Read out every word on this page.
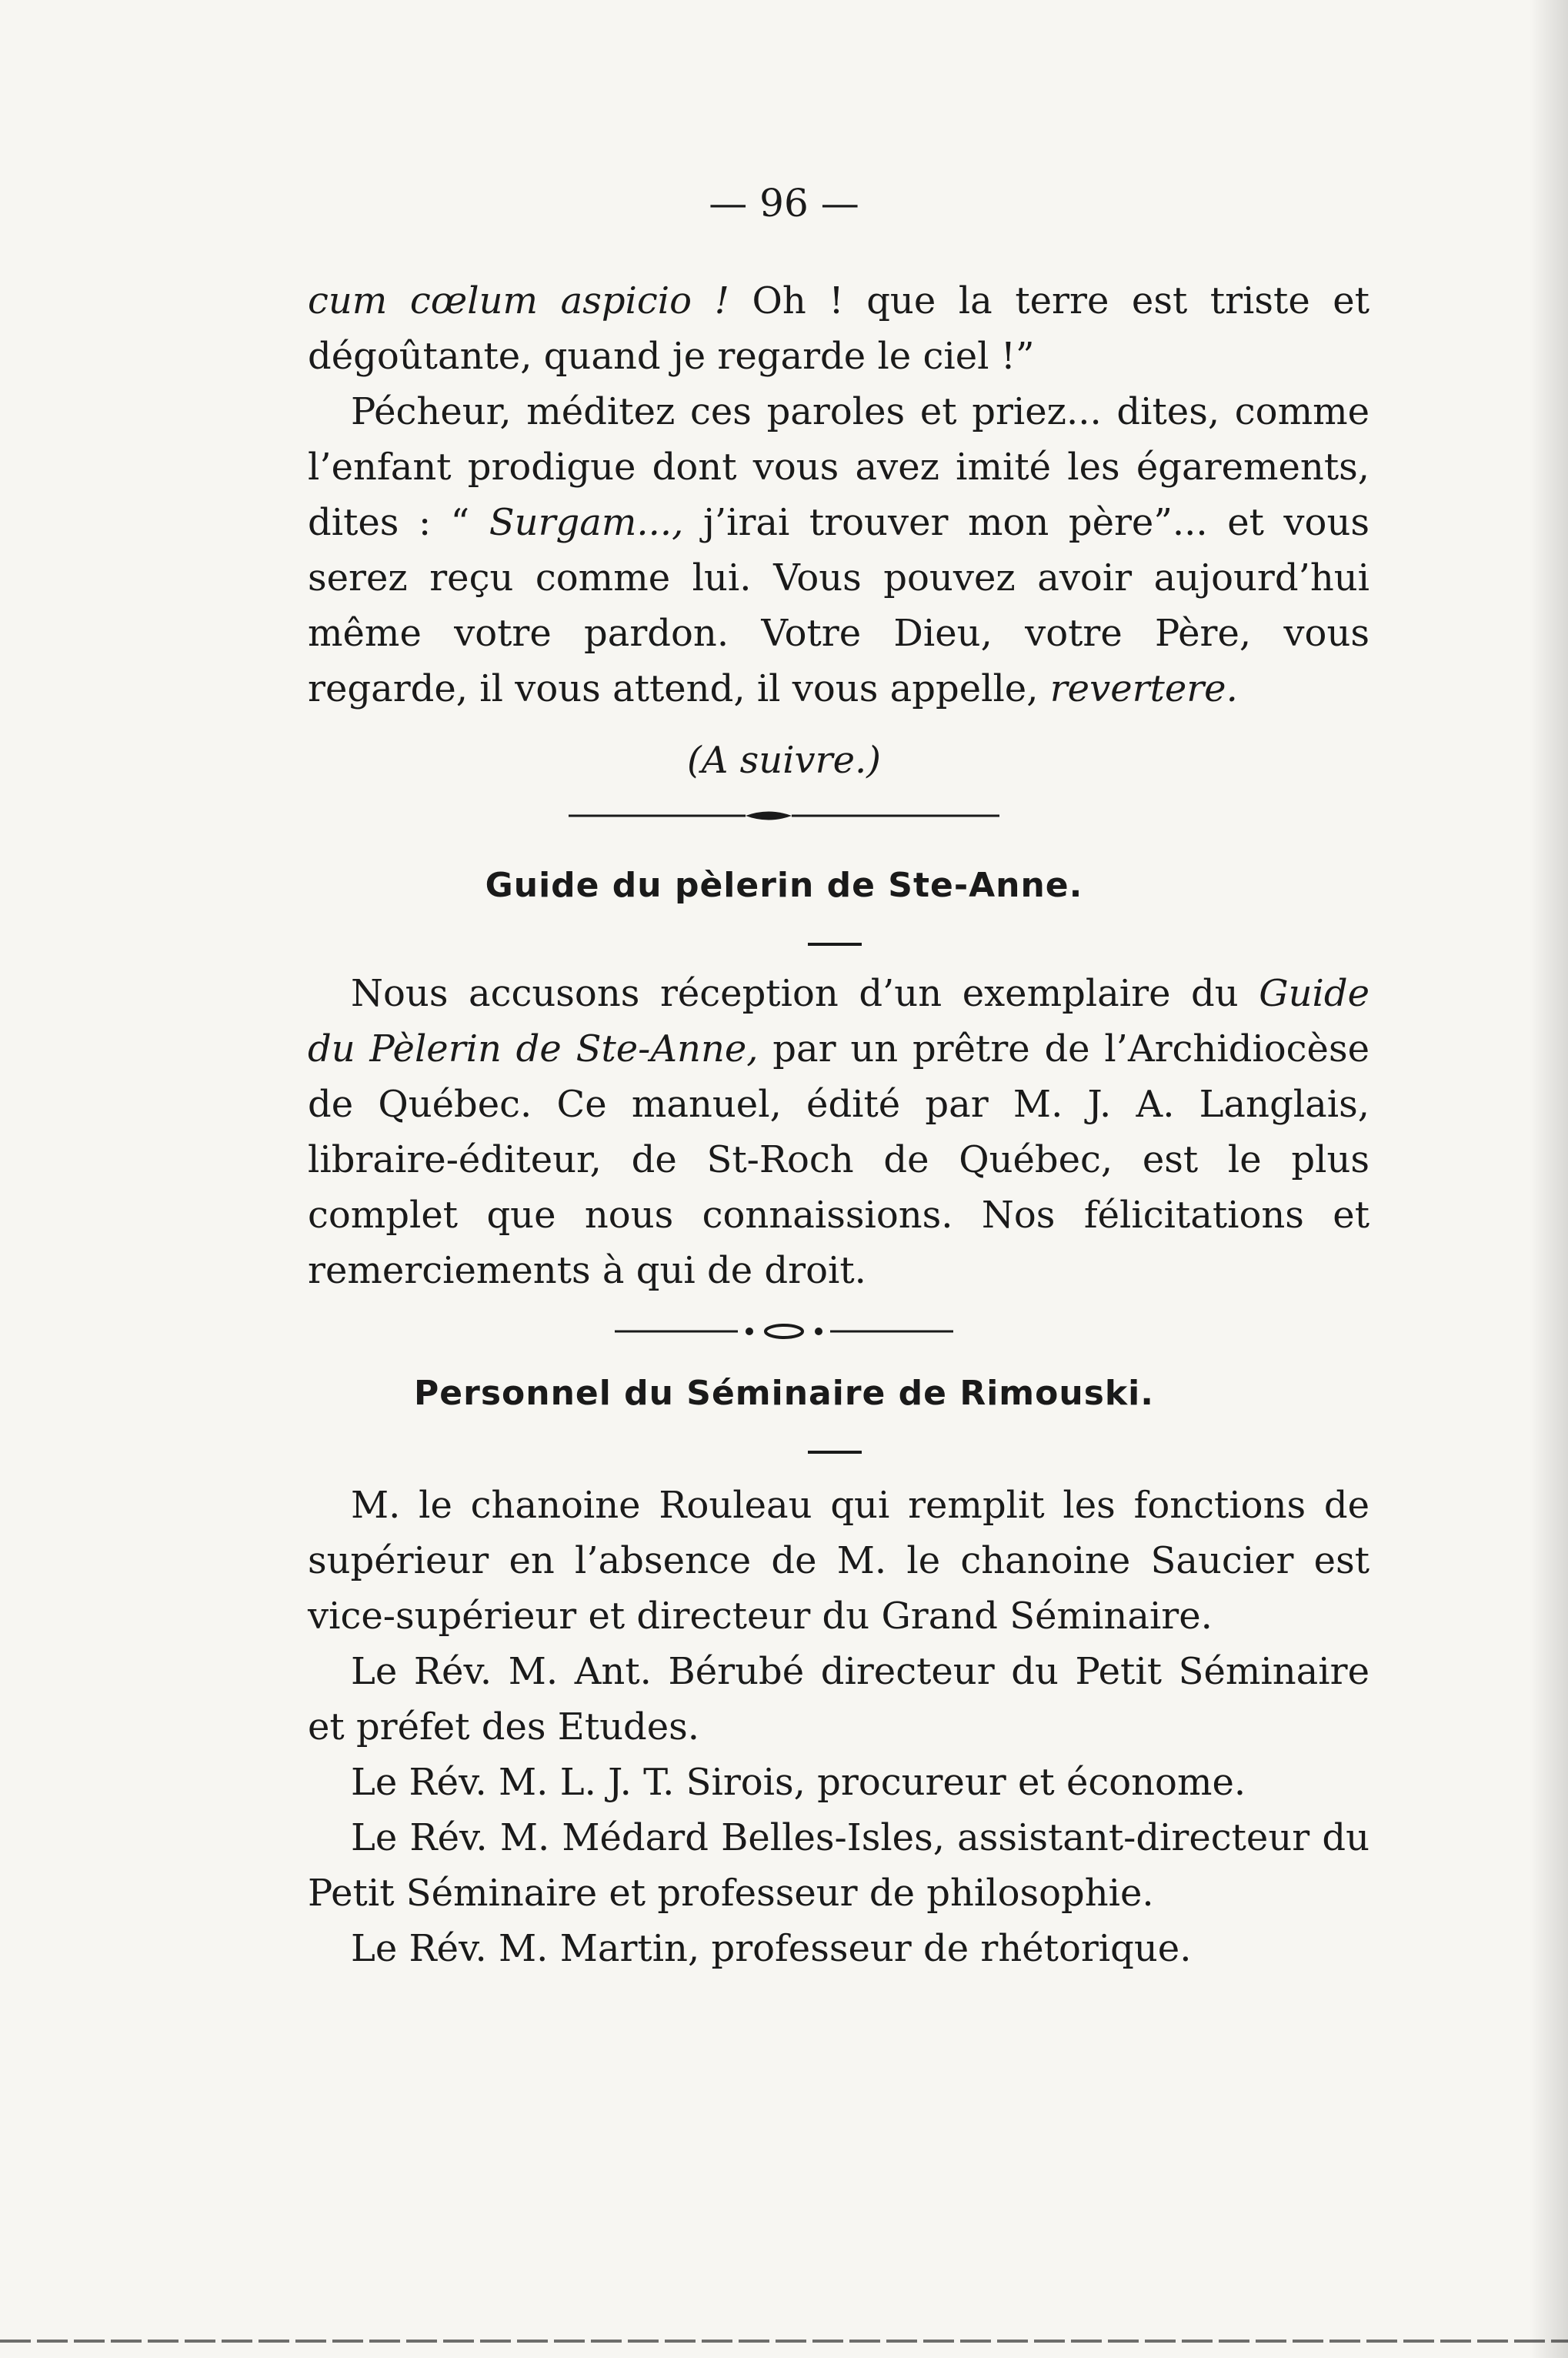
— 96 —

cum cœlum aspicio ! Oh ! que la terre est triste et dégoûtante, quand je regarde le ciel !”

Pécheur, méditez ces paroles et priez... dites, comme l’enfant prodigue dont vous avez imité les égarements, dites : “ Surgam..., j’irai trouver mon père”... et vous serez reçu comme lui. Vous pouvez avoir aujourd’hui même votre pardon. Votre Dieu, votre Père, vous regarde, il vous attend, il vous appelle, revertere.

(A suivre.)
Guide du pèlerin de Ste-Anne.

Nous accusons réception d’un exemplaire du Guide du Pèlerin de Ste-Anne, par un prêtre de l’Archidiocèse de Québec. Ce manuel, édité par M. J. A. Langlais, libraire-éditeur, de St-Roch de Québec, est le plus complet que nous connaissions. Nos félicitations et remerciements à qui de droit.

Personnel du Séminaire de Rimouski.

M. le chanoine Rouleau qui remplit les fonctions de supérieur en l’absence de M. le chanoine Saucier est vice-supérieur et directeur du Grand Séminaire.

Le Rév. M. Ant. Bérubé directeur du Petit Séminaire et préfet des Etudes.

Le Rév. M. L. J. T. Sirois, procureur et économe.

Le Rév. M. Médard Belles-Isles, assistant-directeur du Petit Séminaire et professeur de philosophie.

Le Rév. M. Martin, professeur de rhétorique.
